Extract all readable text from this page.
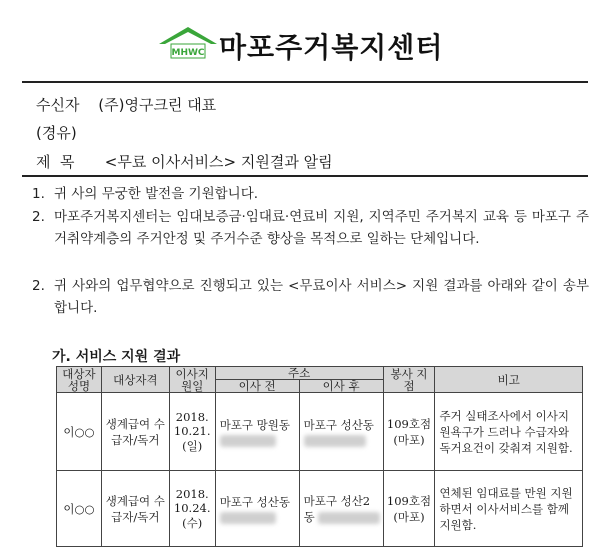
MHWC 마포주거복지센터
수신자 (주)영구크린 대표
(경유)
제  목 <무료 이사서비스> 지원결과 알림
1. 귀 사의 무궁한 발전을 기원합니다.
2. 마포주거복지센터는 임대보증금·임대료·연료비 지원, 지역주민 주거복지 교육 등 마포구 주거취약계층의 주거안정 및 주거수준 향상을 목적으로 일하는 단체입니다.
2. 귀 사와의 업무협약으로 진행되고 있는 <무료이사 서비스> 지원 결과를 아래와 같이 송부합니다.
가. 서비스 지원 결과
대상자 성명	대상자격	이사지 원일	주소		봉사 지점	비고
			이사 전	이사 후		
이○○	생계급여 수급자/독거	2018. 10.21. (일)	마포구 망원동	마포구 성산동	109호점 (마포)	주거 실태조사에서 이사지원욕구가 드러나 수급자와 독거요건이 갖춰져 지원함.
이○○	생계급여 수급자/독거	2018. 10.24. (수)	마포구 성산동	마포구 성산2동	109호점 (마포)	연체된 임대료를 만원 지원하면서 이사서비스를 함께 지원함.
